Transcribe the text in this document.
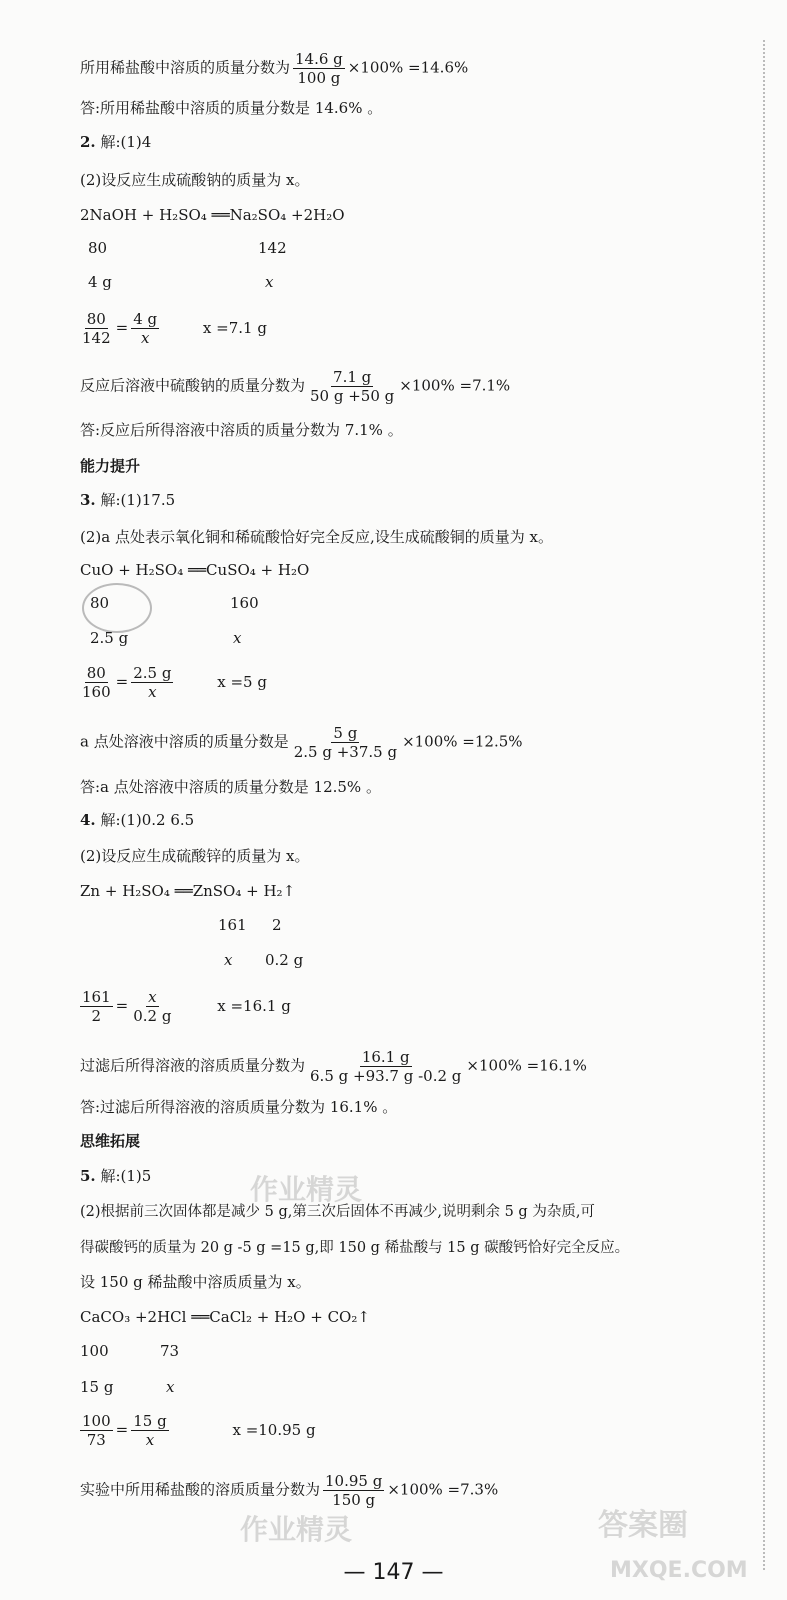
所用稀盐酸中溶质的质量分数为 $\frac{14.6 g}{100 g} \times 100\% =14.6\%$
答:所用稀盐酸中溶质的质量分数是 14.6% 。
2. 解:(1)4
(2)设反应生成硫酸钠的质量为 x。
2NaOH + H₂SO₄ ══Na₂SO₄ +2H₂O
80	142
4 g	x
$\frac{80}{142} = \frac{4 g}{x}$	x =7.1 g
反应后溶液中硫酸钠的质量分数为 $\frac{7.1 g}{50 g +50 g} \times 100\% =7.1\%$
答:反应后所得溶液中溶质的质量分数为 7.1% 。
能力提升
3. 解:(1)17.5
(2)a 点处表示氧化铜和稀硫酸恰好完全反应,设生成硫酸铜的质量为 x。
CuO + H₂SO₄ ══CuSO₄ + H₂O
80	160
2.5 g	x
$\frac{80}{160} = \frac{2.5 g}{x}$	x =5 g
a 点处溶液中溶质的质量分数是 $\frac{5 g}{2.5 g +37.5 g} \times 100\% =12.5\%$
答:a 点处溶液中溶质的质量分数是 12.5% 。
4. 解:(1)0.2 6.5
(2)设反应生成硫酸锌的质量为 x。
Zn + H₂SO₄ ══ZnSO₄ + H₂↑
161 2
x 0.2 g
$\frac{161}{2} = \frac{x}{0.2 g}$	x =16.1 g
过滤后所得溶液的溶质质量分数为 $\frac{16.1 g}{6.5 g +93.7 g -0.2 g} \times 100\% =16.1\%$
答:过滤后所得溶液的溶质质量分数为 16.1% 。
思维拓展
5. 解:(1)5
(2)根据前三次固体都是减少 5 g,第三次后固体不再减少,说明剩余 5 g 为杂质,可
得碳酸钙的质量为 20 g -5 g =15 g,即 150 g 稀盐酸与 15 g 碳酸钙恰好完全反应。
设 150 g 稀盐酸中溶质质量为 x。
CaCO₃ +2HCl ══CaCl₂ + H₂O + CO₂↑
100	73
15 g	x
$\frac{100}{73} = \frac{15 g}{x}$	x =10.95 g
实验中所用稀盐酸的溶质质量分数为 $\frac{10.95 g}{150 g} \times 100\% =7.3\%$
作业精灵
作业精灵	答案圈
MXQE.COM
— 147 —
